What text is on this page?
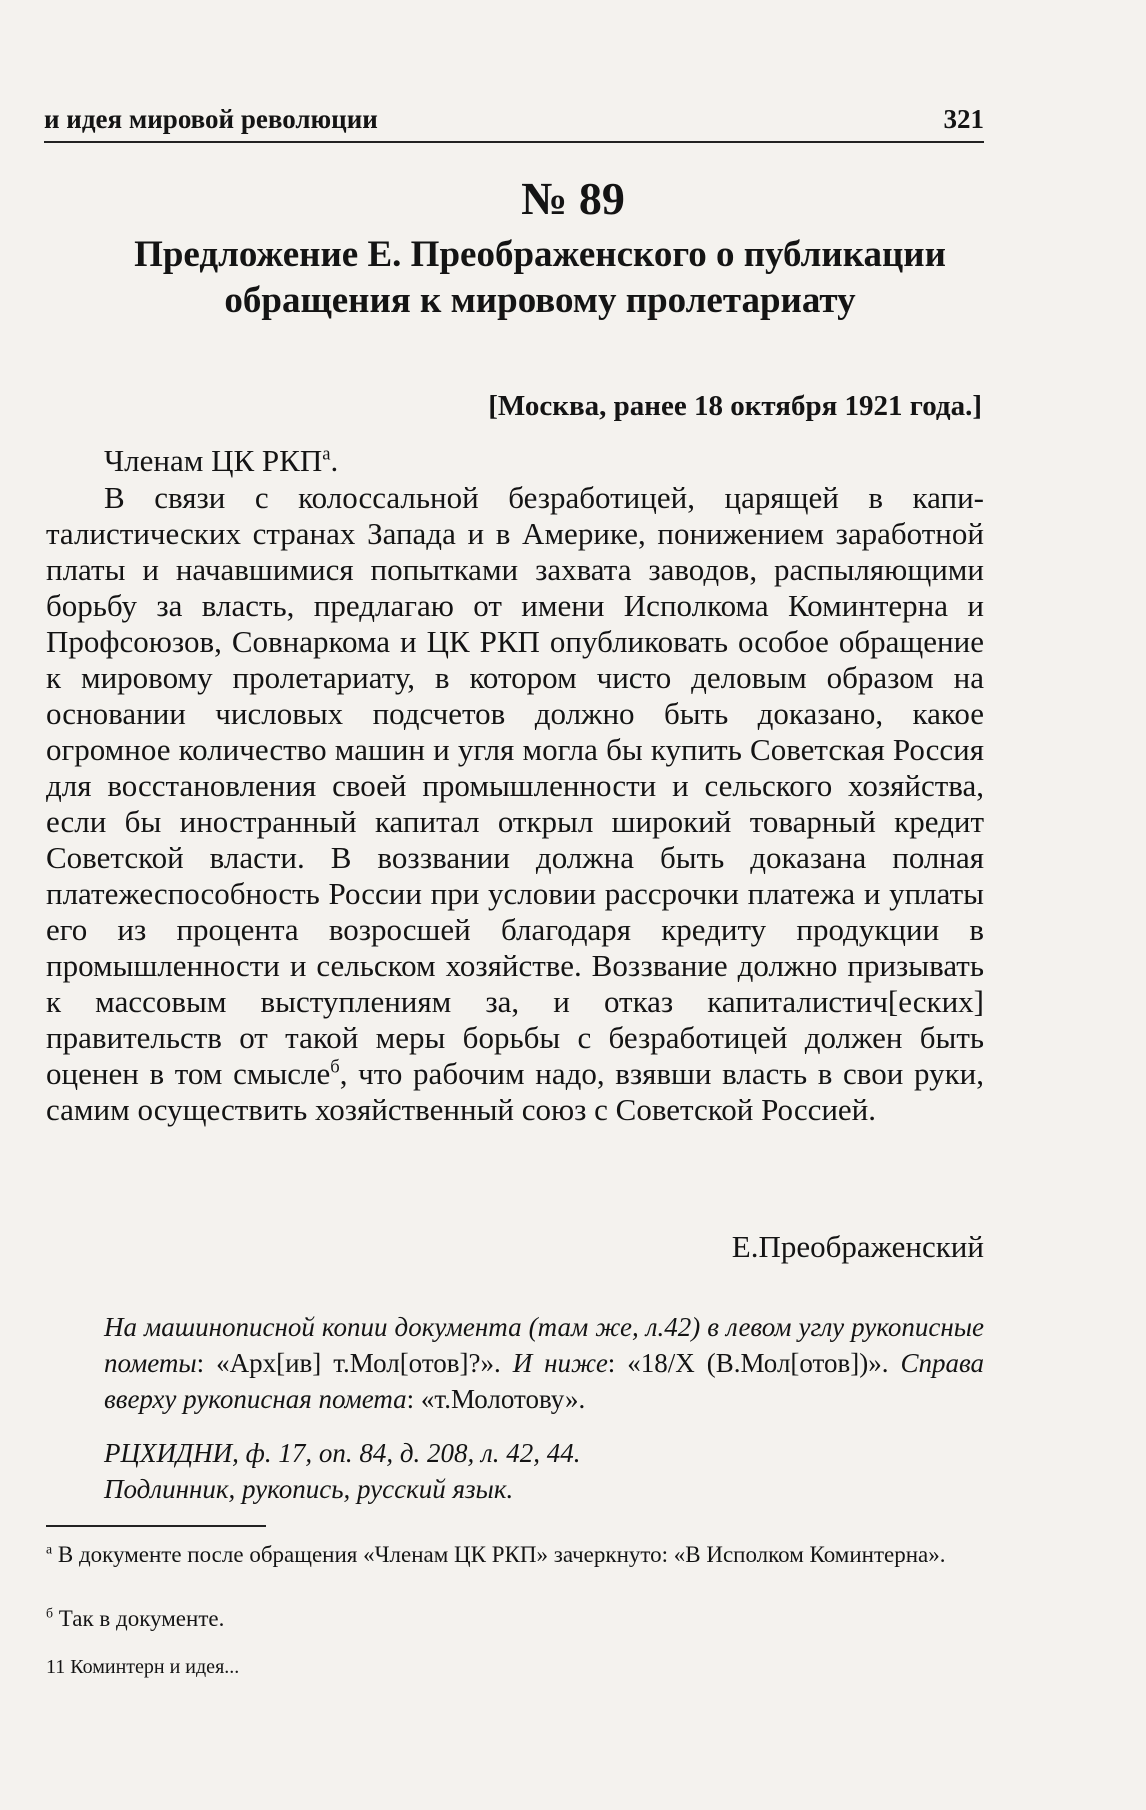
и идея мировой революции	321
№ 89
Предложение Е. Преображенского о публикации обращения к мировому пролетариату

[Москва, ранее 18 октября 1921 года.]

Членам ЦК $РКП^а$.

В связи с колоссальной безработицей, царящей в капиталистических странах Запада и в Америке, понижением заработной платы и начавшимися попытками захвата заводов, распыляющими борьбу за власть, предлагаю от имени Исполкома Коминтерна и Профсоюзов, Совнаркома и ЦК РКП опубликовать особое обращение к мировому пролетариату, в котором чисто деловым образом на основании числовых подсчетов должно быть доказано, какое огромное количество машин и угля могла бы купить Советская Россия для восстановления своей промышленности и сельского хозяйства, если бы иностранный капитал открыл широкий товарный кредит Советской власти. В воззвании должна быть доказана полная платежеспособность России при условии рассрочки платежа и уплаты его из процента возросшей благодаря кредиту продукции в промышленности и сельском хозяйстве. Воззвание должно призывать к массовым выступлениям за, и отказ капиталистич[еских] правительств от такой меры борьбы с безработицей должен быть оценен в том смысле$^б$, что рабочим надо, взявши власть в свои руки, самим осуществить хозяйственный союз с Советской Россией.

Е.Преображенский

На машинописной копии документа (там же, л.42) в левом углу рукописные пометы: «Арх[ив] т.Мол[отов]?». И ниже: «18/X (В.Мол[отов])». Справа вверху рукописная помета: «т.Молотову».

РЦХИДНИ, ф. 17, оп. 84, д. 208, л. 42, 44.
Подлинник, рукопись, русский язык.

$^а$ В документе после обращения «Членам ЦК РКП» зачеркнуто: «В Исполком Коминтерна».

$^б$ Так в документе.

11 Коминтерн и идея...
